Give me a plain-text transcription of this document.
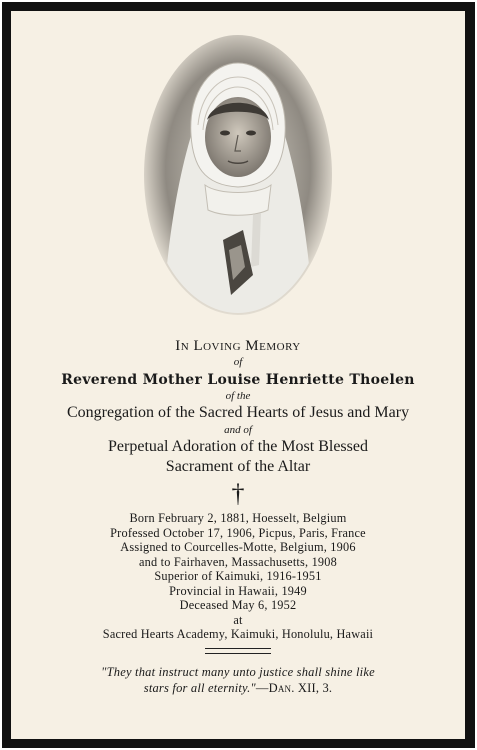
In Loving Memory

of

Reverend Mother Louise Henriette Thoelen

of the

Congregation of the Sacred Hearts of Jesus and Mary

and of

Perpetual Adoration of the Most Blessed

Sacrament of the Altar

†

Born February 2, 1881, Hoesselt, Belgium
Professed October 17, 1906, Picpus, Paris, France
Assigned to Courcelles-Motte, Belgium, 1906
and to Fairhaven, Massachusetts, 1908
Superior of Kaimuki, 1916-1951
Provincial in Hawaii, 1949
Deceased May 6, 1952
at
Sacred Hearts Academy, Kaimuki, Honolulu, Hawaii
"They that instruct many unto justice shall shine like
stars for all eternity."—Dan. XII, 3.
